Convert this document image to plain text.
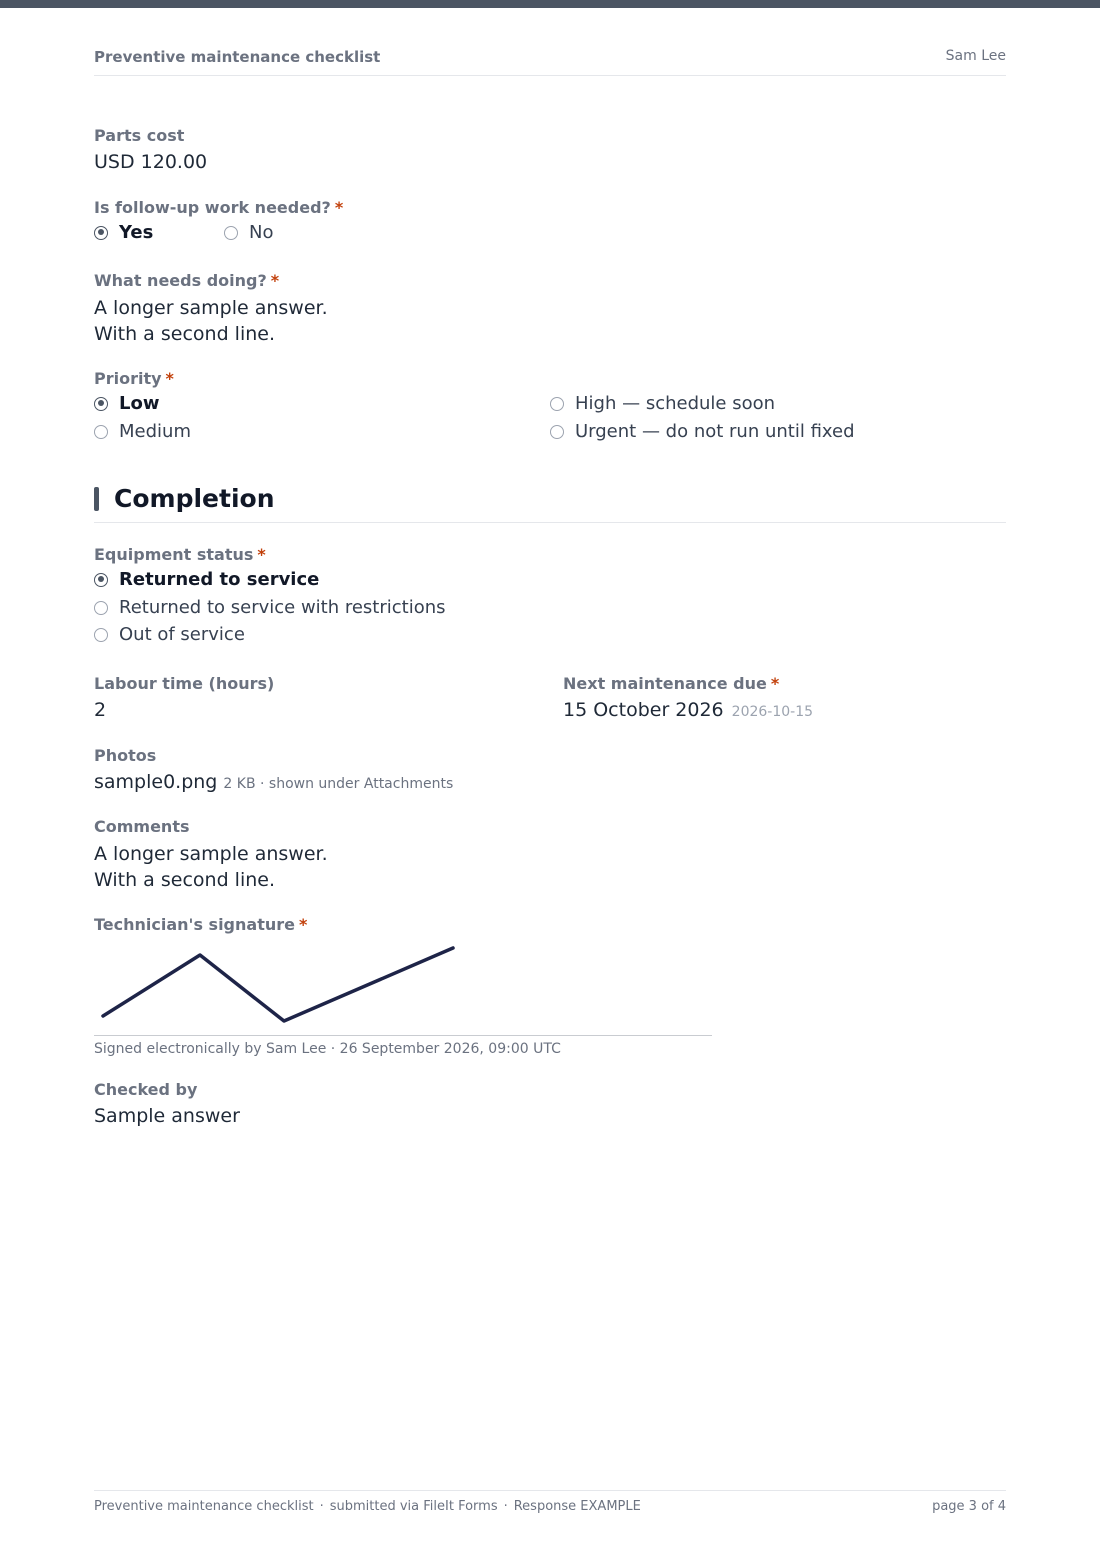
Preventive maintenance checklist	Sam Lee
Parts cost
USD 120.00
Is follow-up work needed? *
Yes	No
What needs doing? *
A longer sample answer.
With a second line.
Priority *
Low
Medium
High — schedule soon
Urgent — do not run until fixed
Completion
Equipment status *
Returned to service
Returned to service with restrictions
Out of service
Labour time (hours)
2
Next maintenance due *
15 October 2026 2026-10-15
Photos
sample0.png 2 KB · shown under Attachments
Comments
A longer sample answer.
With a second line.
Technician's signature *
Signed electronically by Sam Lee · 26 September 2026, 09:00 UTC
Checked by
Sample answer
Preventive maintenance checklist · submitted via FileIt Forms · Response EXAMPLE	page 3 of 4
